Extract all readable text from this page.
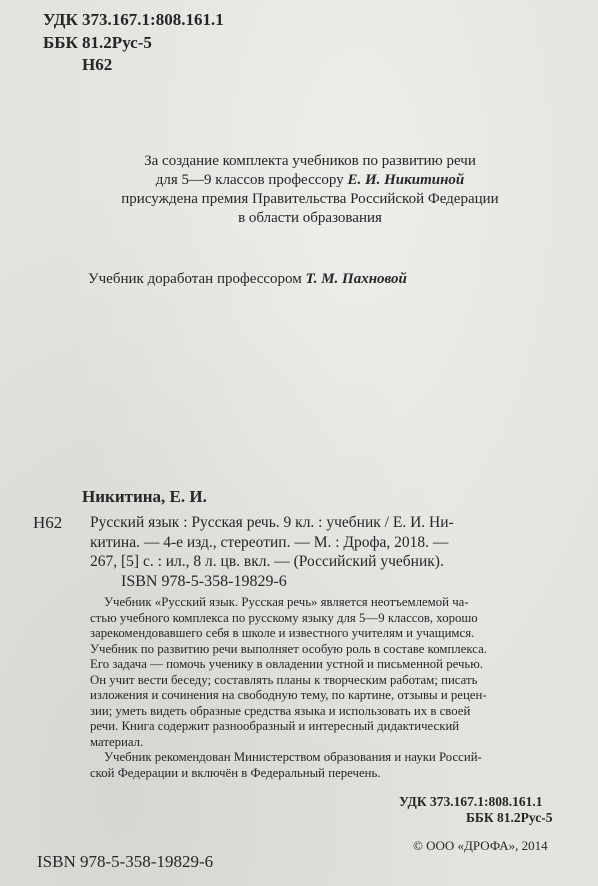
УДК 373.167.1:808.161.1
ББК 81.2Рус-5
Н62
За создание комплекта учебников по развитию речи
для 5—9 классов профессору Е. И. Никитиной
присуждена премия Правительства Российской Федерации
в области образования
Учебник доработан профессором Т. М. Пахновой
Никитина, Е. И.
Н62 Русский язык : Русская речь. 9 кл. : учебник / Е. И. Ни-
китина. — 4-е изд., стереотип. — М. : Дрофа, 2018. —
267, [5] с. : ил., 8 л. цв. вкл. — (Российский учебник).
ISBN 978-5-358-19829-6
Учебник «Русский язык. Русская речь» является неотъемлемой ча-
стью учебного комплекса по русскому языку для 5—9 классов, хорошо
зарекомендовавшего себя в школе и известного учителям и учащимся.
Учебник по развитию речи выполняет особую роль в составе комплекса.
Его задача — помочь ученику в овладении устной и письменной речью.
Он учит вести беседу; составлять планы к творческим работам; писать
изложения и сочинения на свободную тему, по картине, отзывы и рецен-
зии; уметь видеть образные средства языка и использовать их в своей
речи. Книга содержит разнообразный и интересный дидактический
материал.
Учебник рекомендован Министерством образования и науки Россий-
ской Федерации и включён в Федеральный перечень.
УДК 373.167.1:808.161.1
ББК 81.2Рус-5
© ООО «ДРОФА», 2014
ISBN 978-5-358-19829-6
